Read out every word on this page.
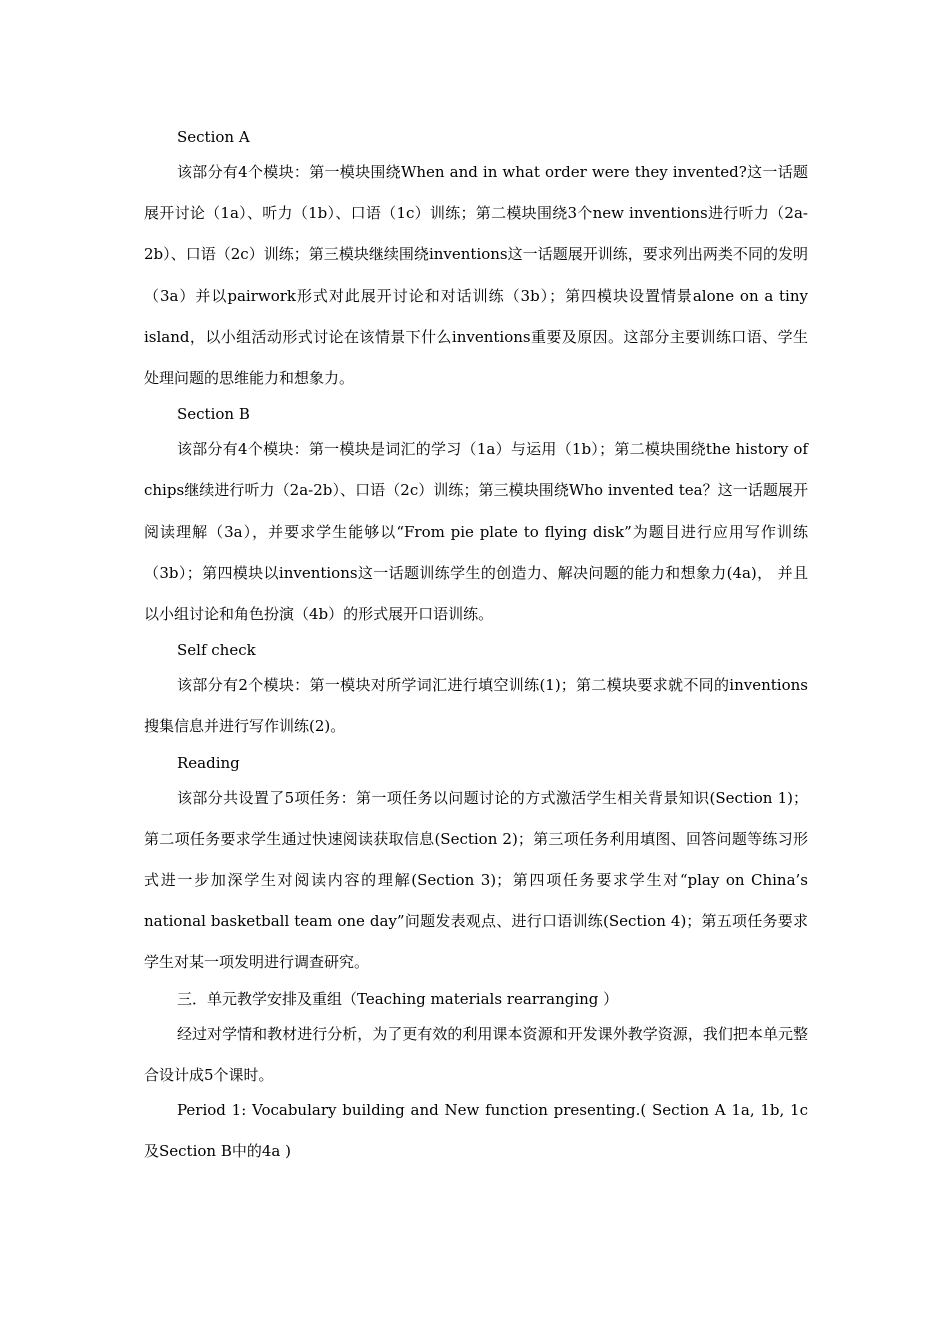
Section A

该部分有4个模块：第一模块围绕When and in what order were they invented?这一话题展开讨论（1a）、听力（1b）、口语（1c）训练；第二模块围绕3个new inventions进行听力（2a-2b）、口语（2c）训练；第三模块继续围绕inventions这一话题展开训练，要求列出两类不同的发明（3a）并以pairwork形式对此展开讨论和对话训练（3b）；第四模块设置情景alone on a tiny island，以小组活动形式讨论在该情景下什么inventions重要及原因。这部分主要训练口语、学生处理问题的思维能力和想象力。

Section B

该部分有4个模块：第一模块是词汇的学习（1a）与运用（1b）；第二模块围绕the history of chips继续进行听力（2a-2b）、口语（2c）训练；第三模块围绕Who invented tea？这一话题展开阅读理解（3a），并要求学生能够以“From pie plate to flying disk”为题目进行应用写作训练（3b）；第四模块以inventions这一话题训练学生的创造力、解决问题的能力和想象力(4a)， 并且以小组讨论和角色扮演（4b）的形式展开口语训练。

Self check

该部分有2个模块：第一模块对所学词汇进行填空训练(1)；第二模块要求就不同的inventions搜集信息并进行写作训练(2)。

Reading

该部分共设置了5项任务：第一项任务以问题讨论的方式激活学生相关背景知识(Section 1)；第二项任务要求学生通过快速阅读获取信息(Section 2)；第三项任务利用填图、回答问题等练习形式进一步加深学生对阅读内容的理解(Section 3)；第四项任务要求学生对“play on China’s national basketball team one day”问题发表观点、进行口语训练(Section 4)；第五项任务要求学生对某一项发明进行调查研究。

三．单元教学安排及重组（Teaching materials rearranging ）

经过对学情和教材进行分析，为了更有效的利用课本资源和开发课外教学资源，我们把本单元整合设计成5个课时。

Period 1: Vocabulary building and New function presenting.( Section A 1a, 1b, 1c及Section B中的4a )
